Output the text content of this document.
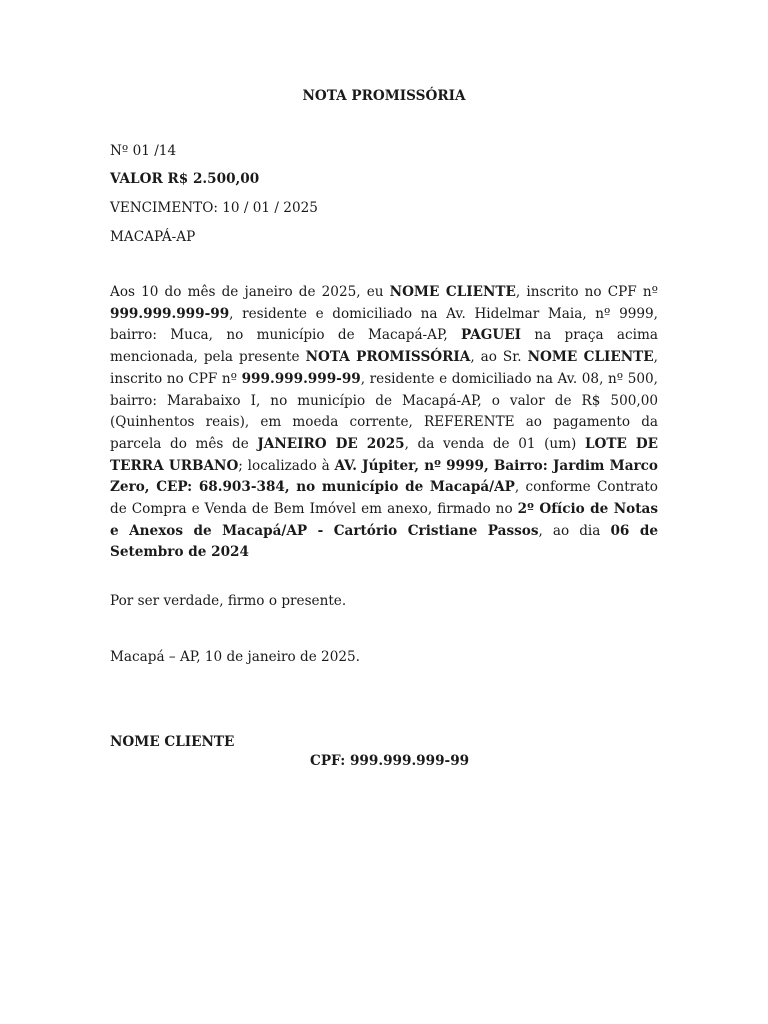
NOTA PROMISSÓRIA
Nº 01 /14
VALOR R$ 2.500,00
VENCIMENTO: 10 / 01 / 2025
MACAPÁ-AP
Aos 10 do mês de janeiro de 2025, eu NOME CLIENTE, inscrito no CPF nº 999.999.999-99, residente e domiciliado na Av. Hidelmar Maia, nº 9999, bairro: Muca, no município de Macapá-AP, PAGUEI na praça acima mencionada, pela presente NOTA PROMISSÓRIA, ao Sr. NOME CLIENTE, inscrito no CPF nº 999.999.999-99, residente e domiciliado na Av. 08, nº 500, bairro: Marabaixo I, no município de Macapá-AP, o valor de R$ 500,00 (Quinhentos reais), em moeda corrente, REFERENTE ao pagamento da parcela do mês de JANEIRO DE 2025, da venda de 01 (um) LOTE DE TERRA URBANO; localizado à AV. Júpiter, nº 9999, Bairro: Jardim Marco Zero, CEP: 68.903-384, no município de Macapá/AP, conforme Contrato de Compra e Venda de Bem Imóvel em anexo, firmado no 2º Ofício de Notas e Anexos de Macapá/AP - Cartório Cristiane Passos, ao dia 06 de Setembro de 2024
Por ser verdade, firmo o presente.
Macapá – AP, 10 de janeiro de 2025.
NOME CLIENTE
CPF: 999.999.999-99
